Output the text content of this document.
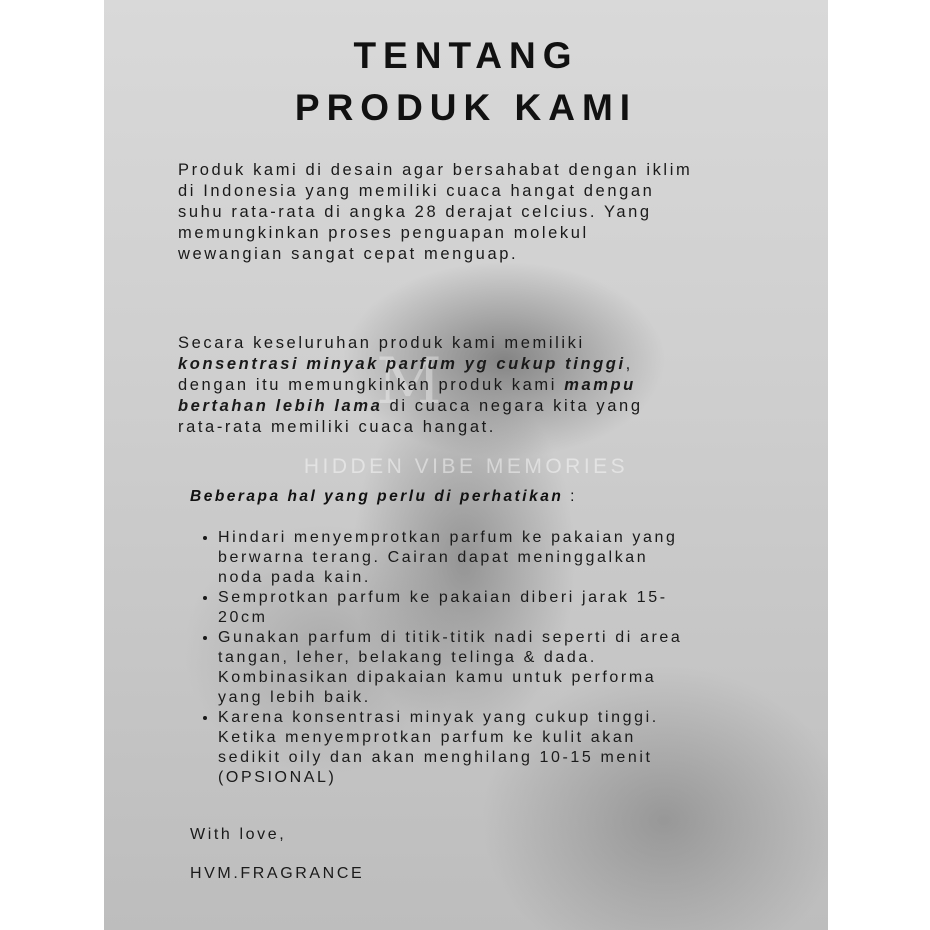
TENTANG
PRODUK KAMI
Produk kami di desain agar bersahabat dengan iklim
di Indonesia yang memiliki cuaca hangat dengan
suhu rata-rata di angka 28 derajat celcius. Yang
memungkinkan proses penguapan molekul
wewangian sangat cepat menguap.
M
Secara keseluruhan produk kami memiliki
konsentrasi minyak parfum yg cukup tinggi,
dengan itu memungkinkan produk kami mampu
bertahan lebih lama di cuaca negara kita yang
rata-rata memiliki cuaca hangat.
HIDDEN VIBE MEMORIES
Beberapa hal yang perlu di perhatikan :
• Hindari menyemprotkan parfum ke pakaian yang
berwarna terang. Cairan dapat meninggalkan
noda pada kain.
• Semprotkan parfum ke pakaian diberi jarak 15-
20cm
• Gunakan parfum di titik-titik nadi seperti di area
tangan, leher, belakang telinga & dada.
Kombinasikan dipakaian kamu untuk performa
yang lebih baik.
• Karena konsentrasi minyak yang cukup tinggi.
Ketika menyemprotkan parfum ke kulit akan
sedikit oily dan akan menghilang 10-15 menit
(OPSIONAL)
With love,
HVM.FRAGRANCE
